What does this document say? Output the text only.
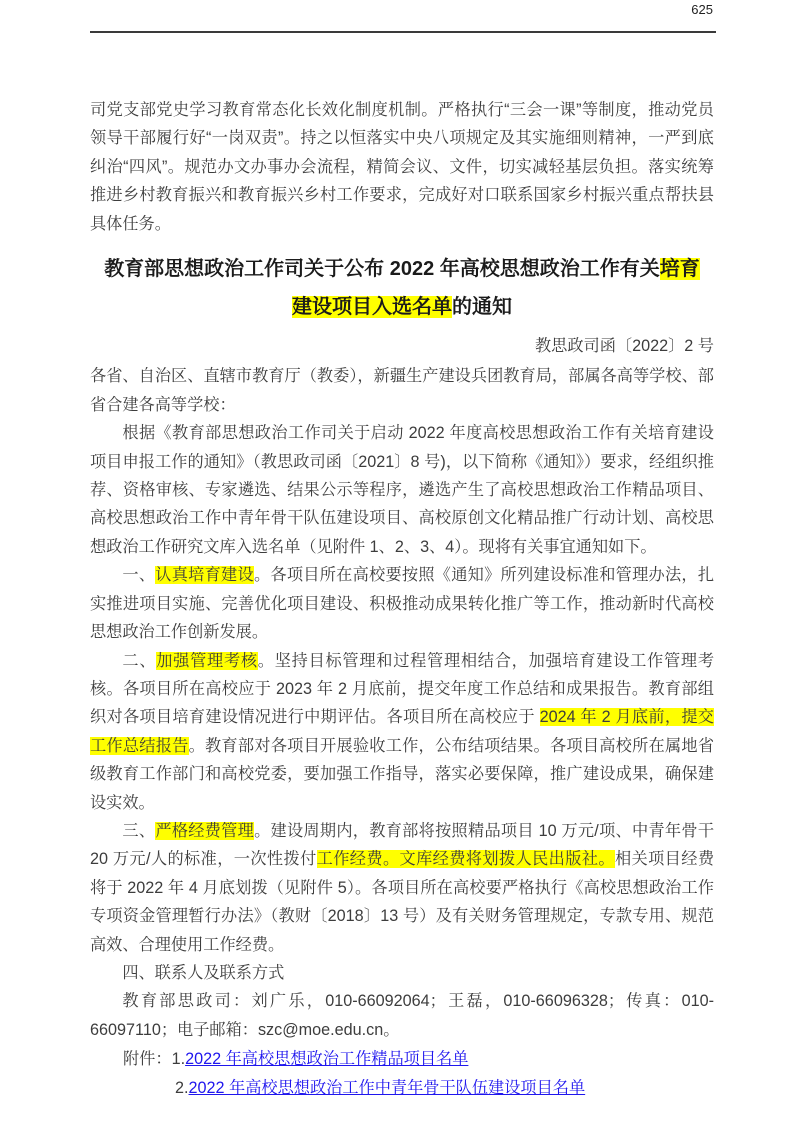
625

司党支部党史学习教育常态化长效化制度机制。严格执行“三会一课”等制度，推动党员领导干部履行好“一岗双责”。持之以恒落实中央八项规定及其实施细则精神，一严到底纠治“四风”。规范办文办事办会流程，精简会议、文件，切实减轻基层负担。落实统筹推进乡村教育振兴和教育振兴乡村工作要求，完成好对口联系国家乡村振兴重点帮扶县具体任务。

教育部思想政治工作司关于公布 2022 年高校思想政治工作有关培育
建设项目入选名单的通知

教思政司函〔2022〕2 号

各省、自治区、直辖市教育厅（教委），新疆生产建设兵团教育局，部属各高等学校、部省合建各高等学校：

根据《教育部思想政治工作司关于启动 2022 年度高校思想政治工作有关培育建设项目申报工作的通知》（教思政司函〔2021〕8 号)，以下简称《通知》）要求，经组织推荐、资格审核、专家遴选、结果公示等程序，遴选产生了高校思想政治工作精品项目、高校思想政治工作中青年骨干队伍建设项目、高校原创文化精品推广行动计划、高校思想政治工作研究文库入选名单（见附件 1、2、3、4）。现将有关事宜通知如下。

一、认真培育建设。各项目所在高校要按照《通知》所列建设标准和管理办法，扎实推进项目实施、完善优化项目建设、积极推动成果转化推广等工作，推动新时代高校思想政治工作创新发展。

二、加强管理考核。坚持目标管理和过程管理相结合，加强培育建设工作管理考核。各项目所在高校应于 2023 年 2 月底前，提交年度工作总结和成果报告。教育部组织对各项目培育建设情况进行中期评估。各项目所在高校应于 2024 年 2 月底前，提交工作总结报告。教育部对各项目开展验收工作，公布结项结果。各项目高校所在属地省级教育工作部门和高校党委，要加强工作指导，落实必要保障，推广建设成果，确保建设实效。

三、严格经费管理。建设周期内，教育部将按照精品项目 10 万元/项、中青年骨干 20 万元/人的标准，一次性拨付工作经费。文库经费将划拨人民出版社。相关项目经费将于 2022 年 4 月底划拨（见附件 5）。各项目所在高校要严格执行《高校思想政治工作专项资金管理暂行办法》（教财〔2018〕13 号）及有关财务管理规定，专款专用、规范高效、合理使用工作经费。

四、联系人及联系方式

教育部思政司：刘广乐，010-66092064；王磊，010-66096328；传真：010-66097110；电子邮箱：szc@moe.edu.cn。

附件：1.2022 年高校思想政治工作精品项目名单
2.2022 年高校思想政治工作中青年骨干队伍建设项目名单
